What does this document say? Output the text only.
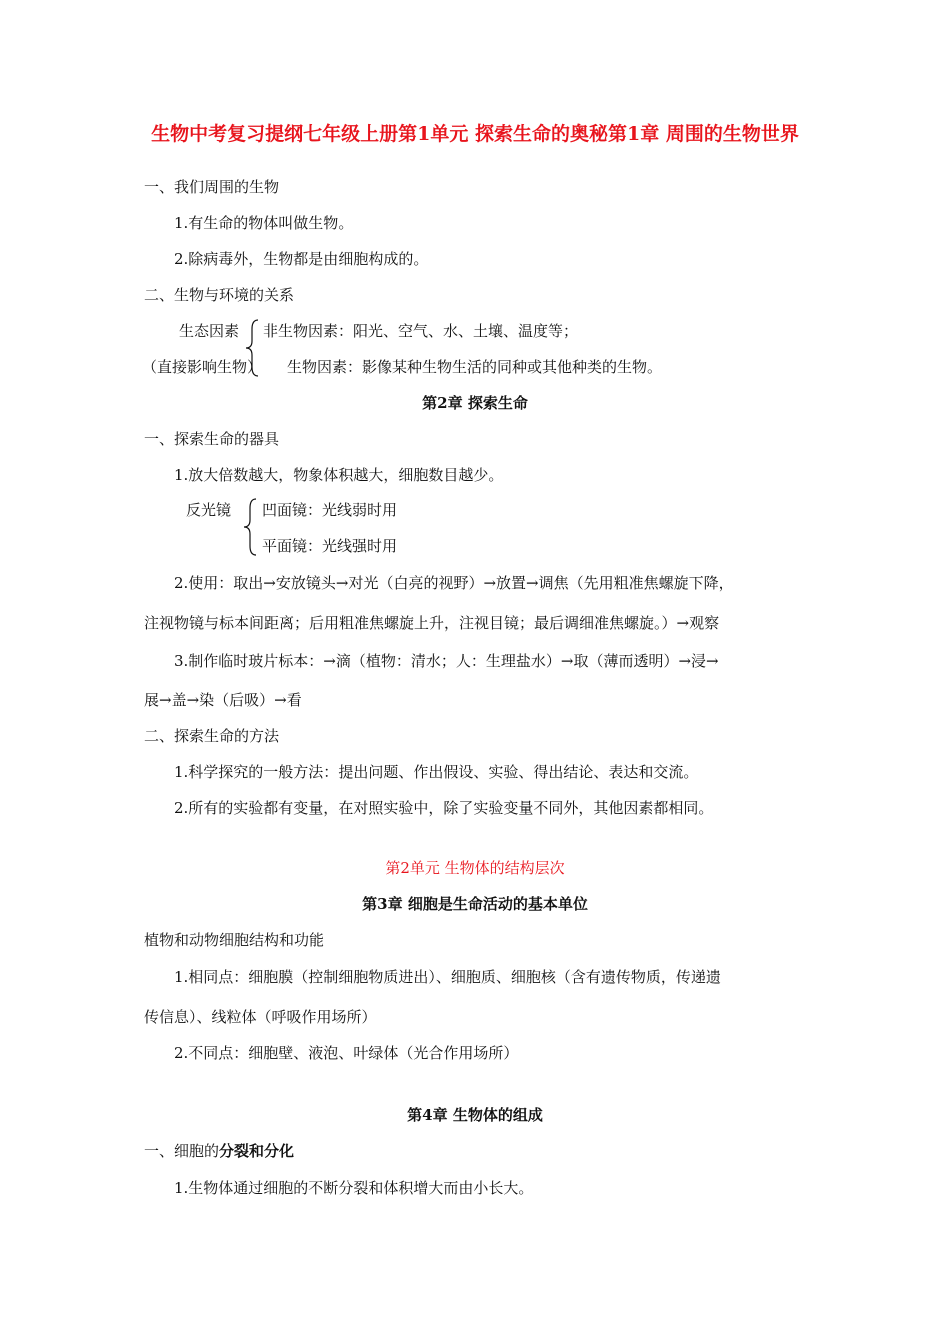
生物中考复习提纲七年级上册第1单元 探索生命的奥秘第1章 周围的生物世界
一、我们周围的生物
1.有生命的物体叫做生物。
2.除病毒外，生物都是由细胞构成的。
二、生物与环境的关系
生态因素 非生物因素：阳光、空气、水、土壤、温度等；
（直接影响生物） 生物因素：影像某种生物生活的同种或其他种类的生物。
第2章 探索生命
一、探索生命的器具
1.放大倍数越大，物象体积越大，细胞数目越少。
反光镜 凹面镜：光线弱时用
平面镜：光线强时用
2.使用：取出→安放镜头→对光（白亮的视野）→放置→调焦（先用粗准焦螺旋下降，
注视物镜与标本间距离；后用粗准焦螺旋上升，注视目镜；最后调细准焦螺旋。）→观察
3.制作临时玻片标本：→滴（植物：清水；人：生理盐水）→取（薄而透明）→浸→
展→盖→染（后吸）→看
二、探索生命的方法
1.科学探究的一般方法：提出问题、作出假设、实验、得出结论、表达和交流。
2.所有的实验都有变量，在对照实验中，除了实验变量不同外，其他因素都相同。
第2单元 生物体的结构层次
第3章 细胞是生命活动的基本单位
植物和动物细胞结构和功能
1.相同点：细胞膜（控制细胞物质进出）、细胞质、细胞核（含有遗传物质，传递遗
传信息）、线粒体（呼吸作用场所）
2.不同点：细胞壁、液泡、叶绿体（光合作用场所）
第4章 生物体的组成
一、细胞的分裂和分化
1.生物体通过细胞的不断分裂和体积增大而由小长大。
